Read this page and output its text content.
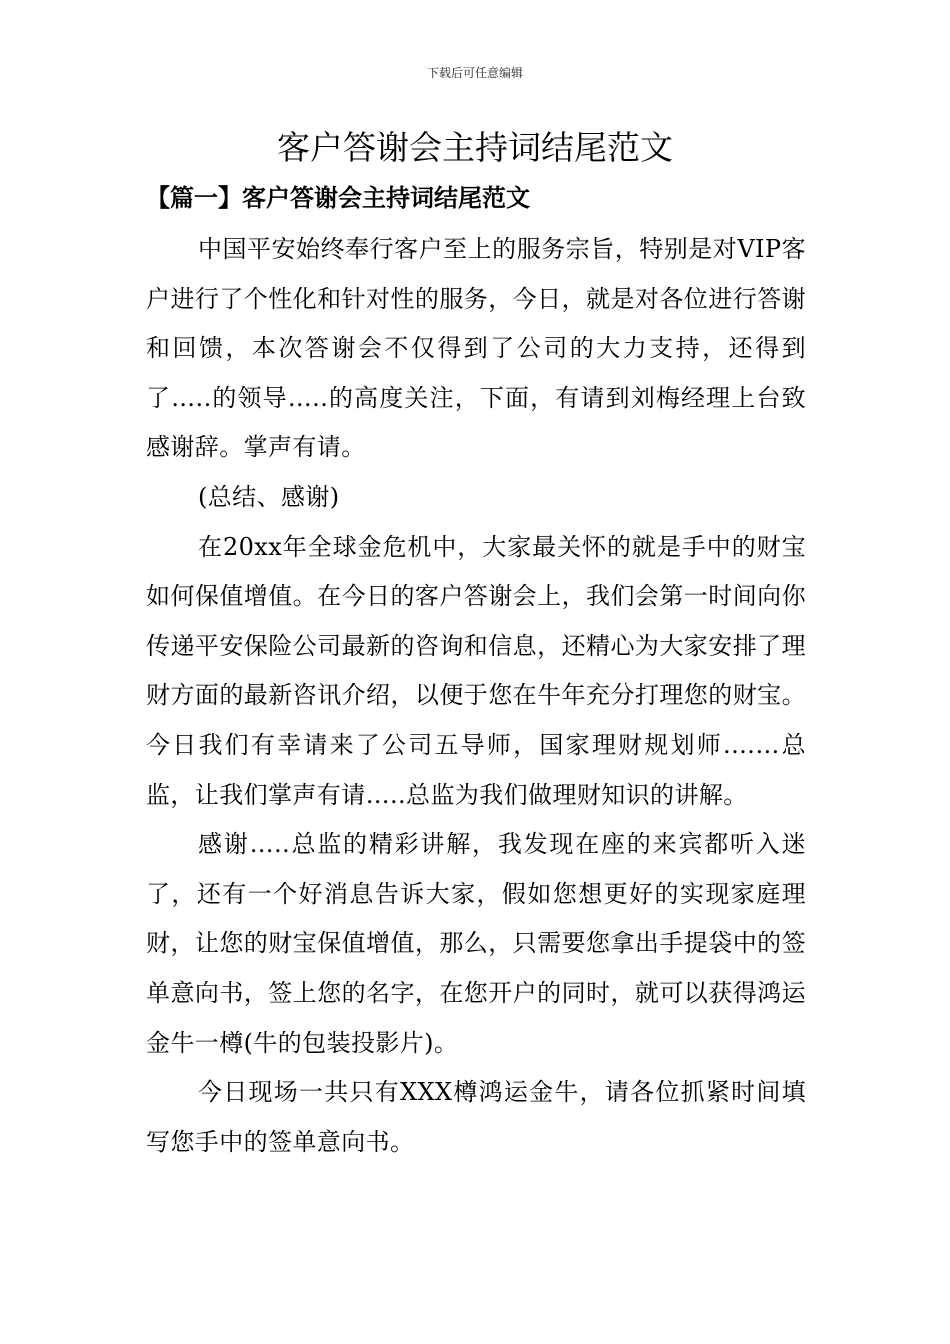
下载后可任意编辑
客户答谢会主持词结尾范文
【篇一】客户答谢会主持词结尾范文

中国平安始终奉行客户至上的服务宗旨，特别是对VIP客户进行了个性化和针对性的服务，今日，就是对各位进行答谢和回馈，本次答谢会不仅得到了公司的大力支持，还得到了…..的领导…..的高度关注，下面，有请到刘梅经理上台致感谢辞。掌声有请。

(总结、感谢)

在20xx年全球金危机中，大家最关怀的就是手中的财宝如何保值增值。在今日的客户答谢会上，我们会第一时间向你传递平安保险公司最新的咨询和信息，还精心为大家安排了理财方面的最新咨讯介绍，以便于您在牛年充分打理您的财宝。今日我们有幸请来了公司五导师，国家理财规划师.……总监，让我们掌声有请…..总监为我们做理财知识的讲解。

感谢…..总监的精彩讲解，我发现在座的来宾都听入迷了，还有一个好消息告诉大家，假如您想更好的实现家庭理财，让您的财宝保值增值，那么，只需要您拿出手提袋中的签单意向书，签上您的名字，在您开户的同时，就可以获得鸿运金牛一樽(牛的包装投影片)。

今日现场一共只有XXX樽鸿运金牛，请各位抓紧时间填写您手中的签单意向书。
